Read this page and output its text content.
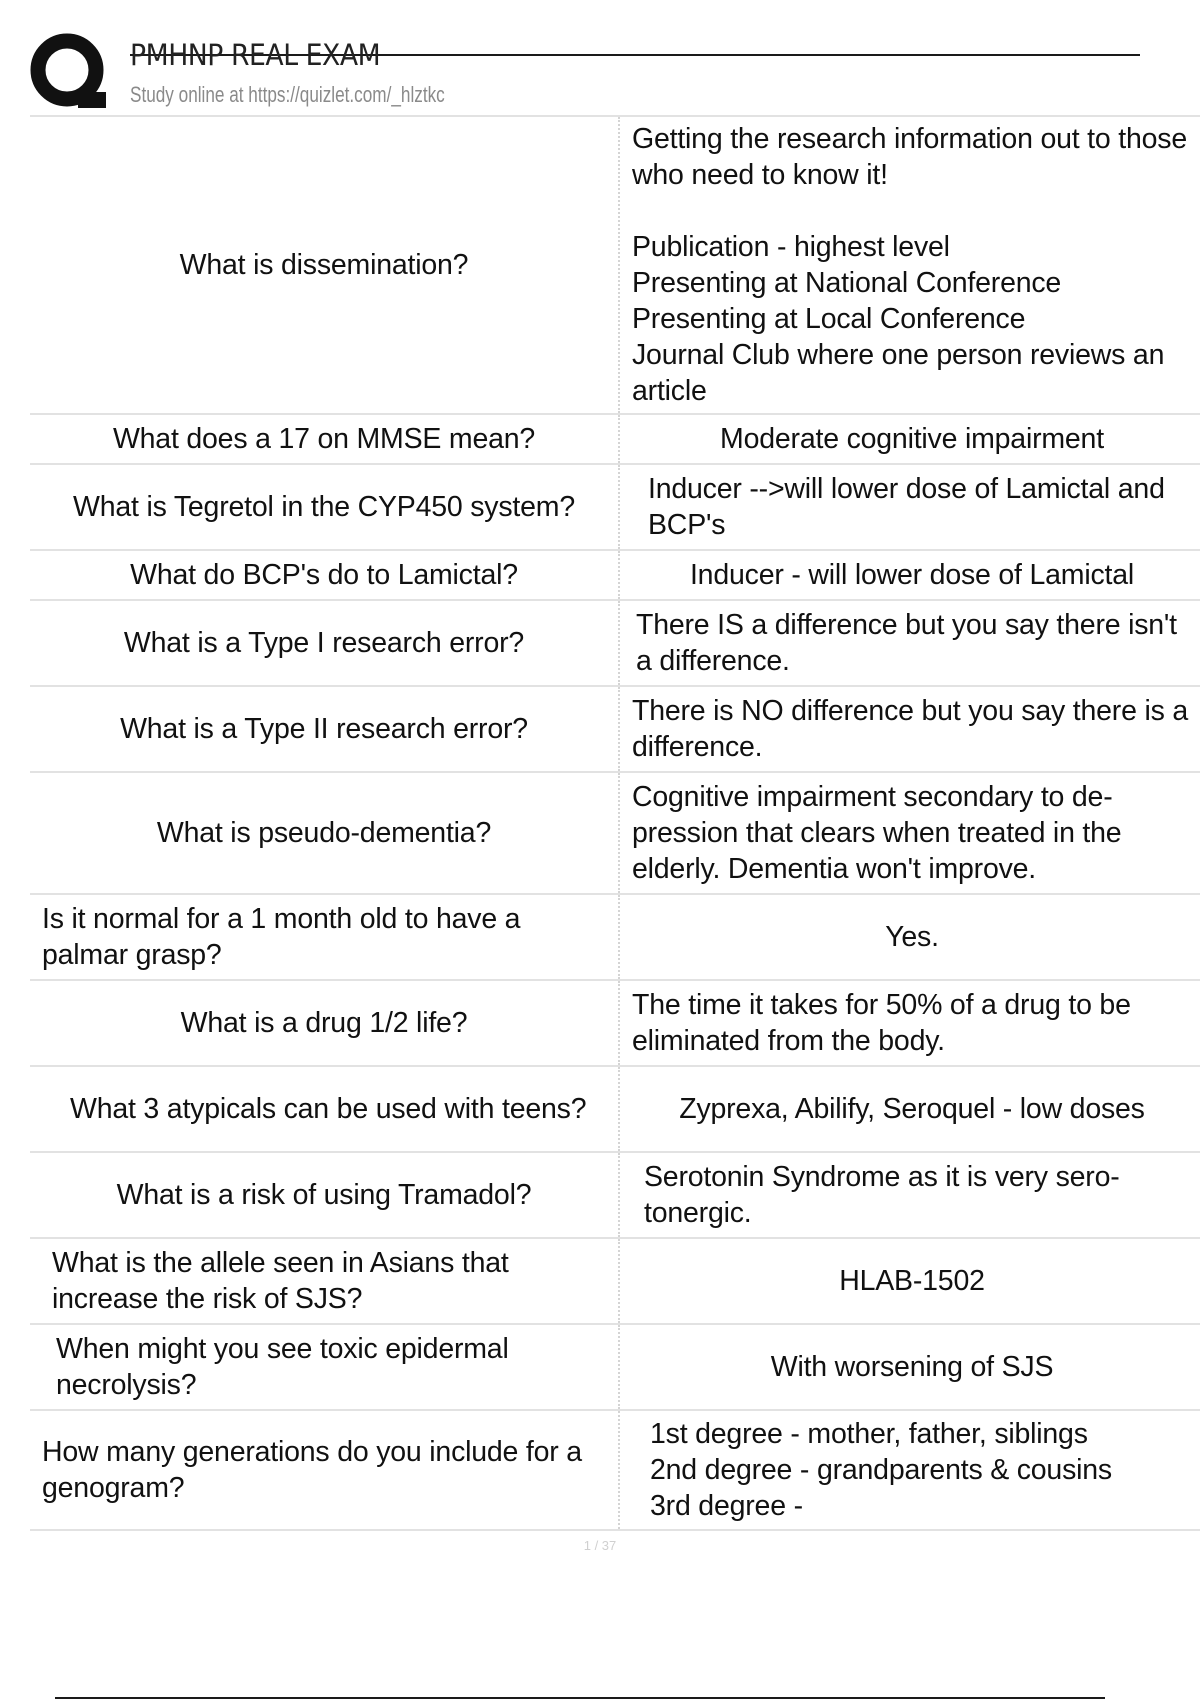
PMHNP REAL EXAM
Study online at https://quizlet.com/_hlztkc
What is dissemination?	Getting the research information out to those who need to know it!

Publication - highest level
Presenting at National Conference
Presenting at Local Conference
Journal Club where one person reviews an article
What does a 17 on MMSE mean?	Moderate cognitive impairment
What is Tegretol in the CYP450 system?	Inducer -->will lower dose of Lamictal and BCP's
What do BCP's do to Lamictal?	Inducer - will lower dose of Lamictal
What is a Type I research error?	There IS a difference but you say there isn't a difference.
What is a Type II research error?	There is NO difference but you say there is a difference.
What is pseudo-dementia?	Cognitive impairment secondary to de-pression that clears when treated in the elderly. Dementia won't improve.
Is it normal for a 1 month old to have a palmar grasp?	Yes.
What is a drug 1/2 life?	The time it takes for 50% of a drug to be eliminated from the body.
What 3 atypicals can be used with teens?	Zyprexa, Abilify, Seroquel - low doses
What is a risk of using Tramadol?	Serotonin Syndrome as it is very sero-tonergic.
What is the allele seen in Asians that increase the risk of SJS?	HLAB-1502
When might you see toxic epidermal necrolysis?	With worsening of SJS
How many generations do you include for a genogram?	1st degree - mother, father, siblings
2nd degree - grandparents & cousins
3rd degree -
1 / 37
